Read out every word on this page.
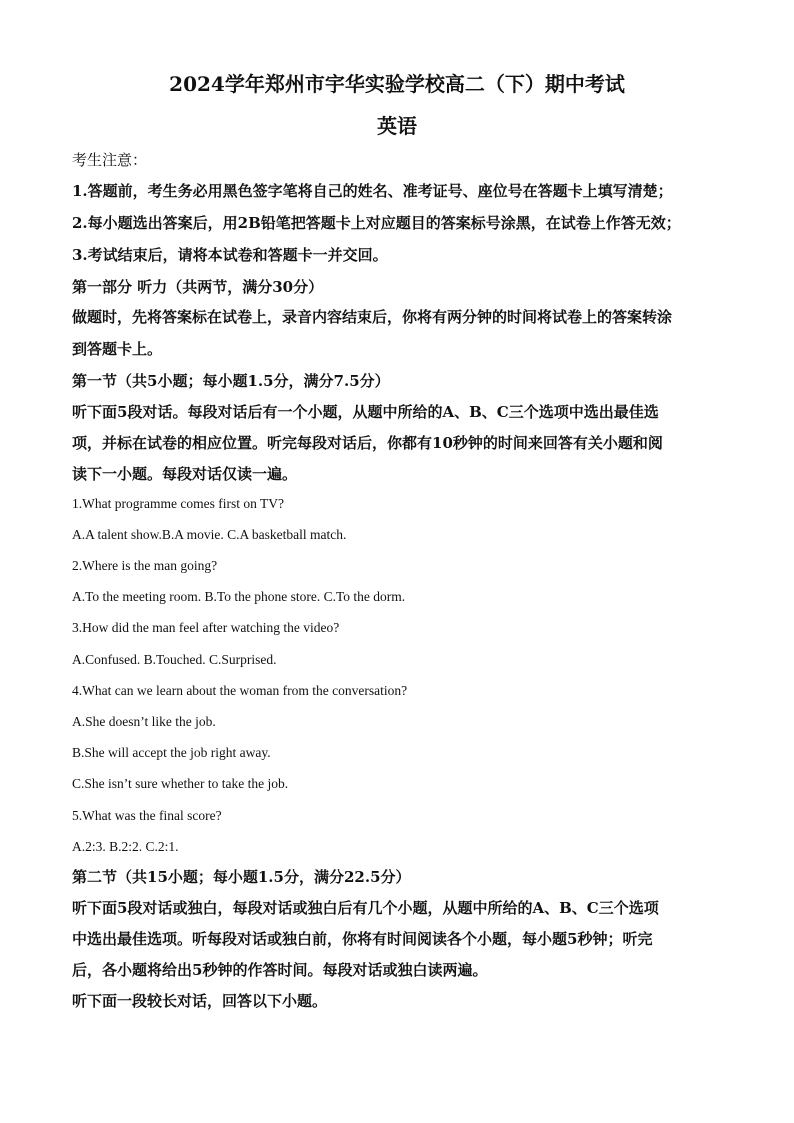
2024学年郑州市宇华实验学校高二（下）期中考试
英语
考生注意：
1.答题前，考生务必用黑色签字笔将自己的姓名、准考证号、座位号在答题卡上填写清楚；
2.每小题选出答案后，用2B铅笔把答题卡上对应题目的答案标号涂黑，在试卷上作答无效；
3.考试结束后，请将本试卷和答题卡一并交回。
第一部分 听力（共两节，满分30分）
做题时，先将答案标在试卷上，录音内容结束后，你将有两分钟的时间将试卷上的答案转涂
到答题卡上。
第一节（共5小题；每小题1.5分，满分7.5分）
听下面5段对话。每段对话后有一个小题，从题中所给的A、B、C三个选项中选出最佳选
项，并标在试卷的相应位置。听完每段对话后，你都有10秒钟的时间来回答有关小题和阅
读下一小题。每段对话仅读一遍。
1.What programme comes first on TV?
A.A talent show.B.A movie. C.A basketball match.
2.Where is the man going?
A.To the meeting room. B.To the phone store. C.To the dorm.
3.How did the man feel after watching the video?
A.Confused. B.Touched. C.Surprised.
4.What can we learn about the woman from the conversation?
A.She doesn’t like the job.
B.She will accept the job right away.
C.She isn’t sure whether to take the job.
5.What was the final score?
A.2:3. B.2:2. C.2:1.
第二节（共15小题；每小题1.5分，满分22.5分）
听下面5段对话或独白，每段对话或独白后有几个小题，从题中所给的A、B、C三个选项
中选出最佳选项。听每段对话或独白前，你将有时间阅读各个小题，每小题5秒钟；听完
后，各小题将给出5秒钟的作答时间。每段对话或独白读两遍。
听下面一段较长对话，回答以下小题。
